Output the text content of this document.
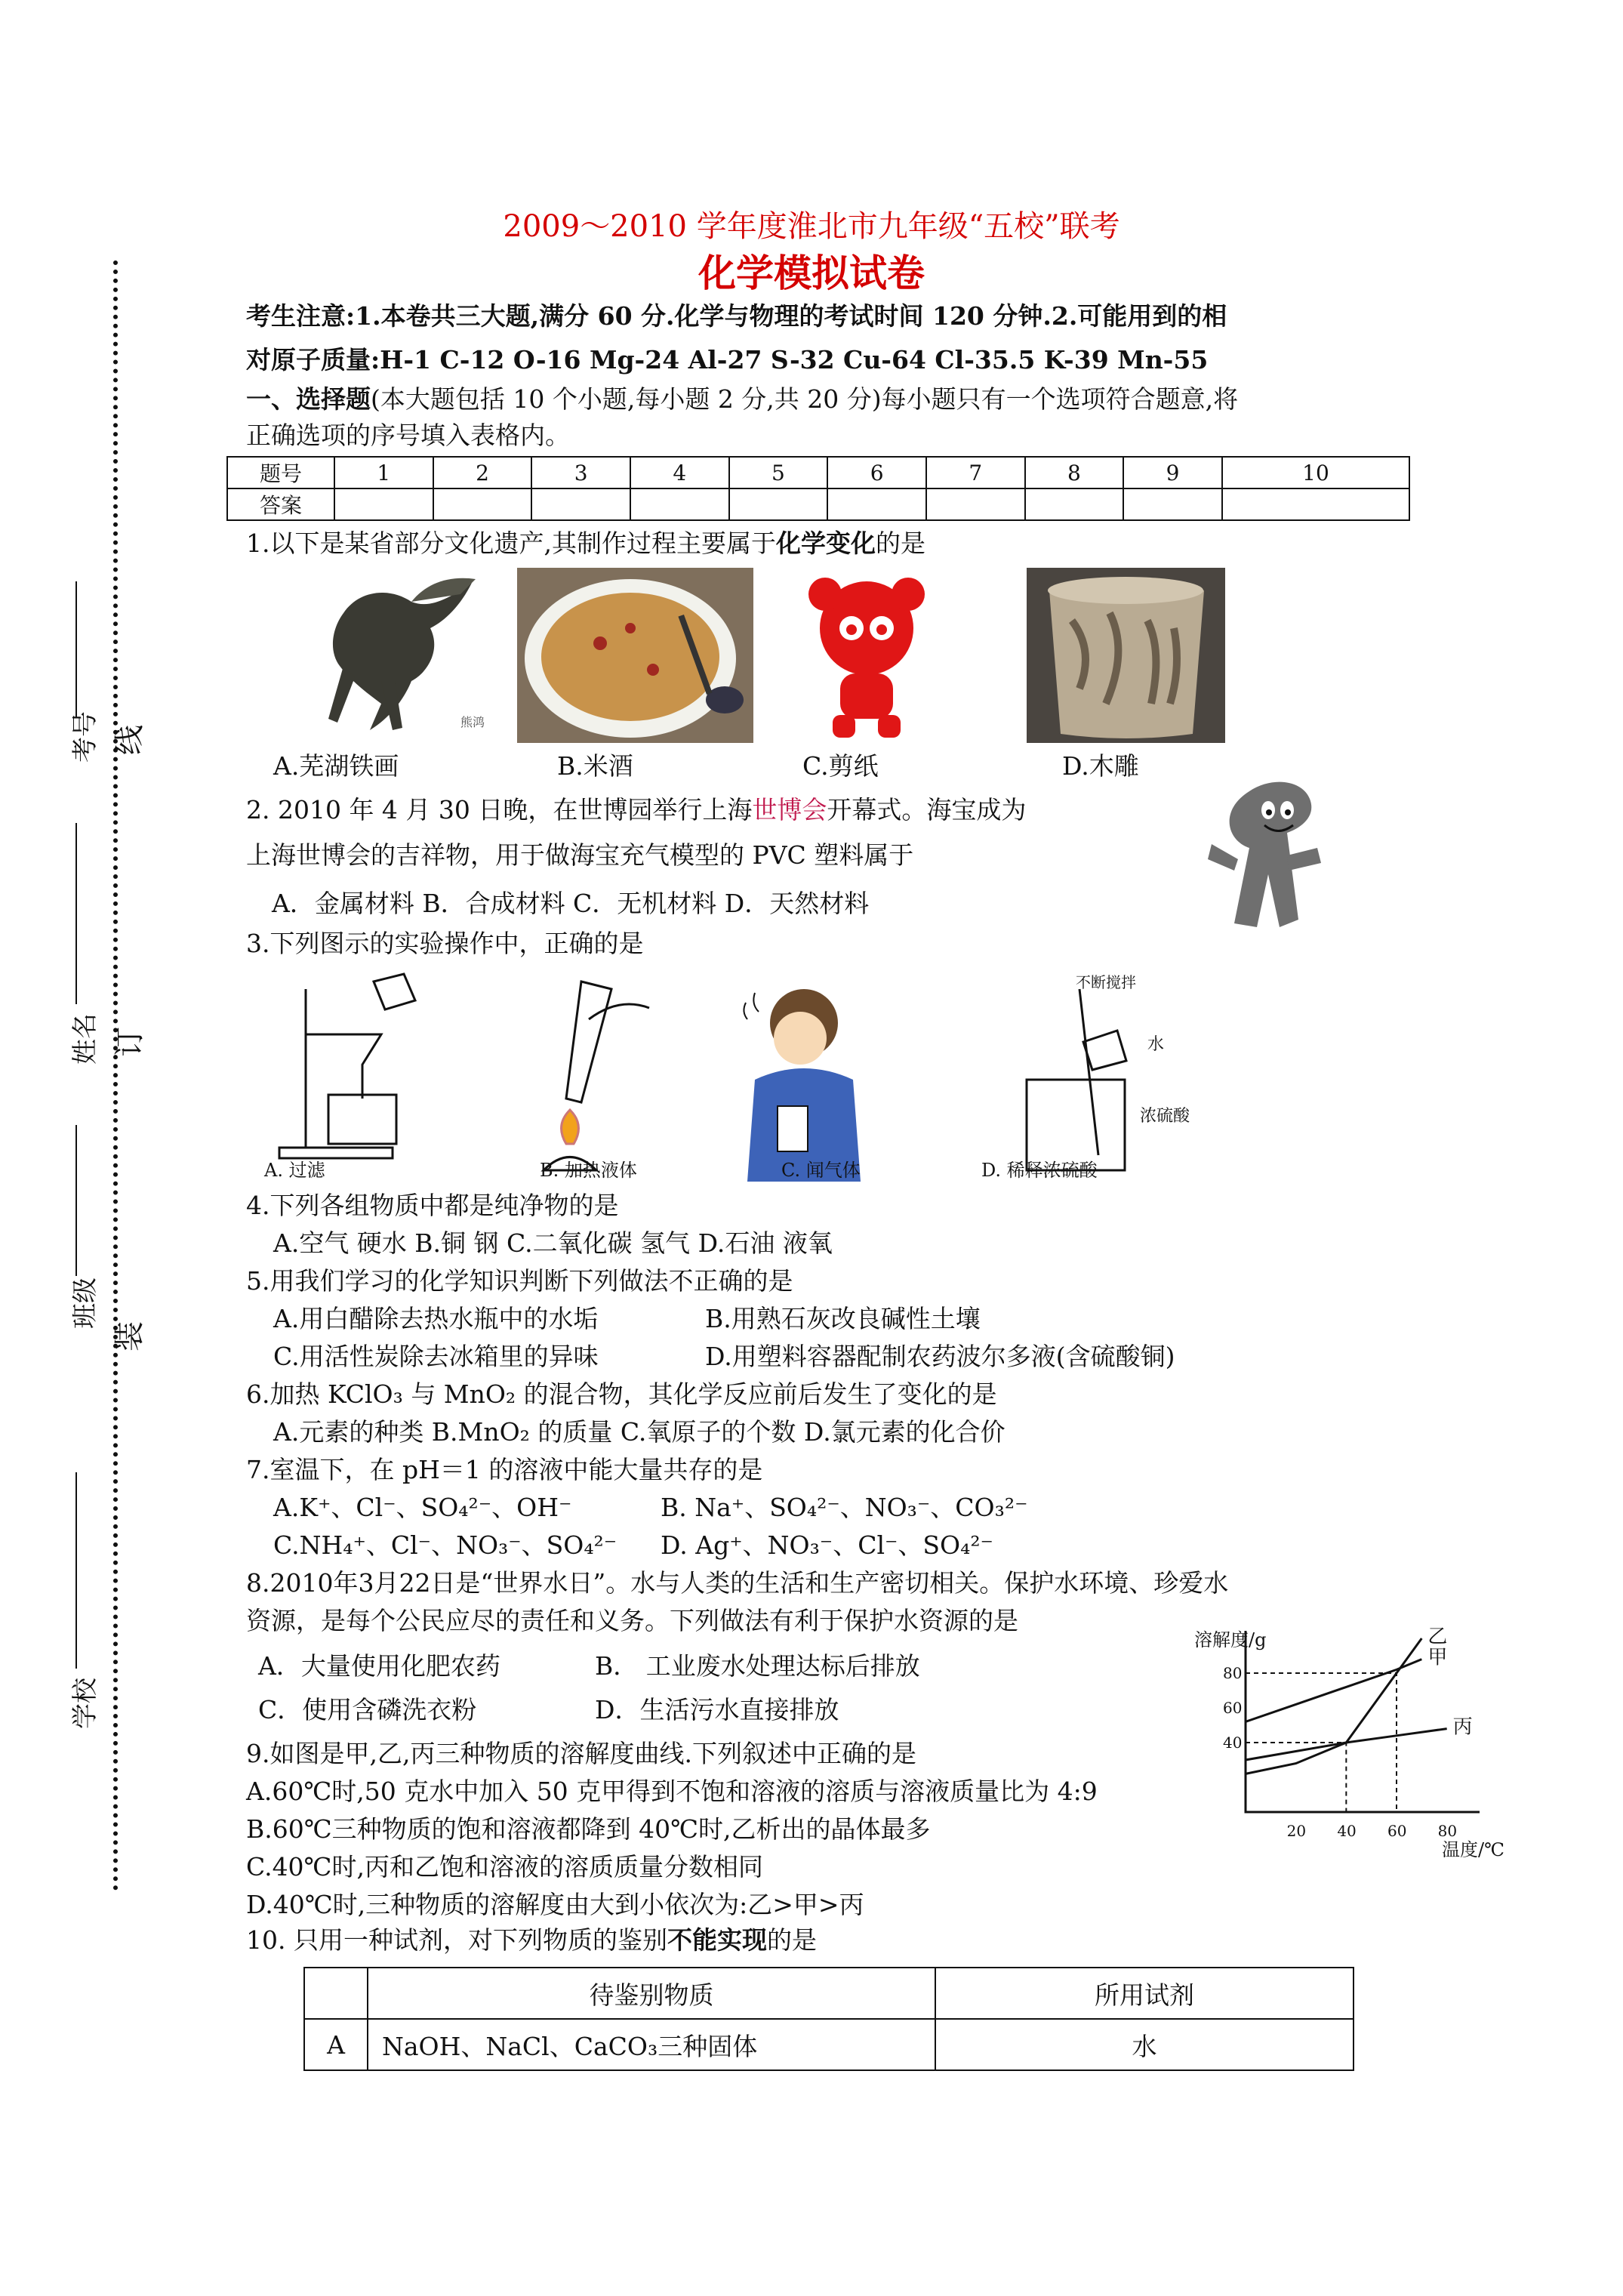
2009～2010 学年度淮北市九年级“五校”联考
化学模拟试卷
考号
姓名
班级
学校
线
订
装
考生注意:1.本卷共三大题,满分 60 分.化学与物理的考试时间 120 分钟.2.可能用到的相
对原子质量:H-1 C-12 O-16 Mg-24 Al-27 S-32 Cu-64 Cl-35.5 K-39 Mn-55
一、选择题(本大题包括 10 个小题,每小题 2 分,共 20 分)每小题只有一个选项符合题意,将
正确选项的序号填入表格内。
题号	1	2	3	4	5	6	7	8	9	10
答案										
1.以下是某省部分文化遗产,其制作过程主要属于化学变化的是
熊鸿
A.芜湖铁画	B.米酒	C.剪纸	D.木雕
2. 2010 年 4 月 30 日晚，在世博园举行上海世博会开幕式。海宝成为
上海世博会的吉祥物，用于做海宝充气模型的 PVC 塑料属于
A．金属材料 B．合成材料 C．无机材料 D．天然材料
3.下列图示的实验操作中，正确的是
不断搅拌
水
浓硫酸
A. 过滤	B. 加热液体	C. 闻气体	D. 稀释浓硫酸
4.下列各组物质中都是纯净物的是
A.空气 硬水 B.铜 钢 C.二氧化碳 氢气 D.石油 液氧
5.用我们学习的化学知识判断下列做法不正确的是
A.用白醋除去热水瓶中的水垢	B.用熟石灰改良碱性土壤
C.用活性炭除去冰箱里的异味	D.用塑料容器配制农药波尔多液(含硫酸铜)
6.加热 KClO₃ 与 MnO₂ 的混合物，其化学反应前后发生了变化的是
A.元素的种类 B.MnO₂ 的质量 C.氧原子的个数 D.氯元素的化合价
7.室温下，在 pH＝1 的溶液中能大量共存的是
A.K⁺、Cl⁻、SO₄²⁻、OH⁻	B. Na⁺、SO₄²⁻、NO₃⁻、CO₃²⁻
C.NH₄⁺、Cl⁻、NO₃⁻、SO₄²⁻ D. Ag⁺、NO₃⁻、Cl⁻、SO₄²⁻
8.2010年3月22日是“世界水日”。水与人类的生活和生产密切相关。保护水环境、珍爱水
资源，是每个公民应尽的责任和义务。下列做法有利于保护水资源的是
A．大量使用化肥农药	B． 工业废水处理达标后排放
C．使用含磷洗衣粉	D．生活污水直接排放
9.如图是甲,乙,丙三种物质的溶解度曲线.下列叙述中正确的是
A.60℃时,50 克水中加入 50 克甲得到不饱和溶液的溶质与溶液质量比为 4:9
B.60℃三种物质的饱和溶液都降到 40℃时,乙析出的晶体最多
C.40℃时,丙和乙饱和溶液的溶质质量分数相同
D.40℃时,三种物质的溶解度由大到小依次为:乙>甲>丙
乙
甲
丙
20 40 60 80
40
60
80
溶解度/g
温度/℃
10. 只用一种试剂，对下列物质的鉴别不能实现的是
	待鉴别物质	所用试剂
A	NaOH、NaCl、CaCO₃三种固体	水
